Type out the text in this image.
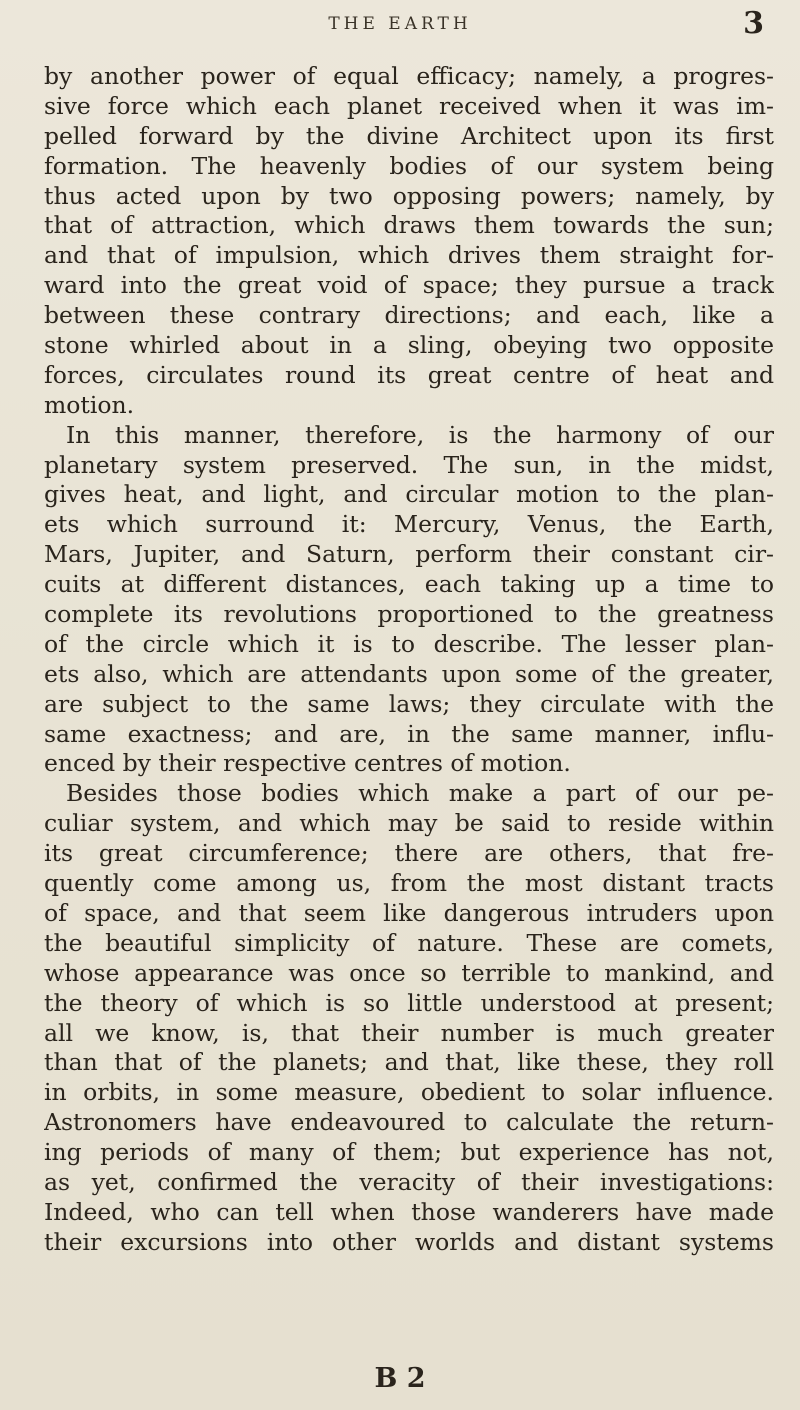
THE EARTH	3
by another power of equal efficacy; namely, a progres-
sive force which each planet received when it was im-
pelled forward by the divine Architect upon its first
formation. The heavenly bodies of our system being
thus acted upon by two opposing powers; namely, by
that of attraction, which draws them towards the sun;
and that of impulsion, which drives them straight for-
ward into the great void of space; they pursue a track
between these contrary directions; and each, like a
stone whirled about in a sling, obeying two opposite
forces, circulates round its great centre of heat and
motion.
In this manner, therefore, is the harmony of our
planetary system preserved. The sun, in the midst,
gives heat, and light, and circular motion to the plan-
ets which surround it: Mercury, Venus, the Earth,
Mars, Jupiter, and Saturn, perform their constant cir-
cuits at different distances, each taking up a time to
complete its revolutions proportioned to the greatness
of the circle which it is to describe. The lesser plan-
ets also, which are attendants upon some of the greater,
are subject to the same laws; they circulate with the
same exactness; and are, in the same manner, influ-
enced by their respective centres of motion.
Besides those bodies which make a part of our pe-
culiar system, and which may be said to reside within
its great circumference; there are others, that fre-
quently come among us, from the most distant tracts
of space, and that seem like dangerous intruders upon
the beautiful simplicity of nature. These are comets,
whose appearance was once so terrible to mankind, and
the theory of which is so little understood at present;
all we know, is, that their number is much greater
than that of the planets; and that, like these, they roll
in orbits, in some measure, obedient to solar influence.
Astronomers have endeavoured to calculate the return-
ing periods of many of them; but experience has not,
as yet, confirmed the veracity of their investigations:
Indeed, who can tell when those wanderers have made
their excursions into other worlds and distant systems
B 2
